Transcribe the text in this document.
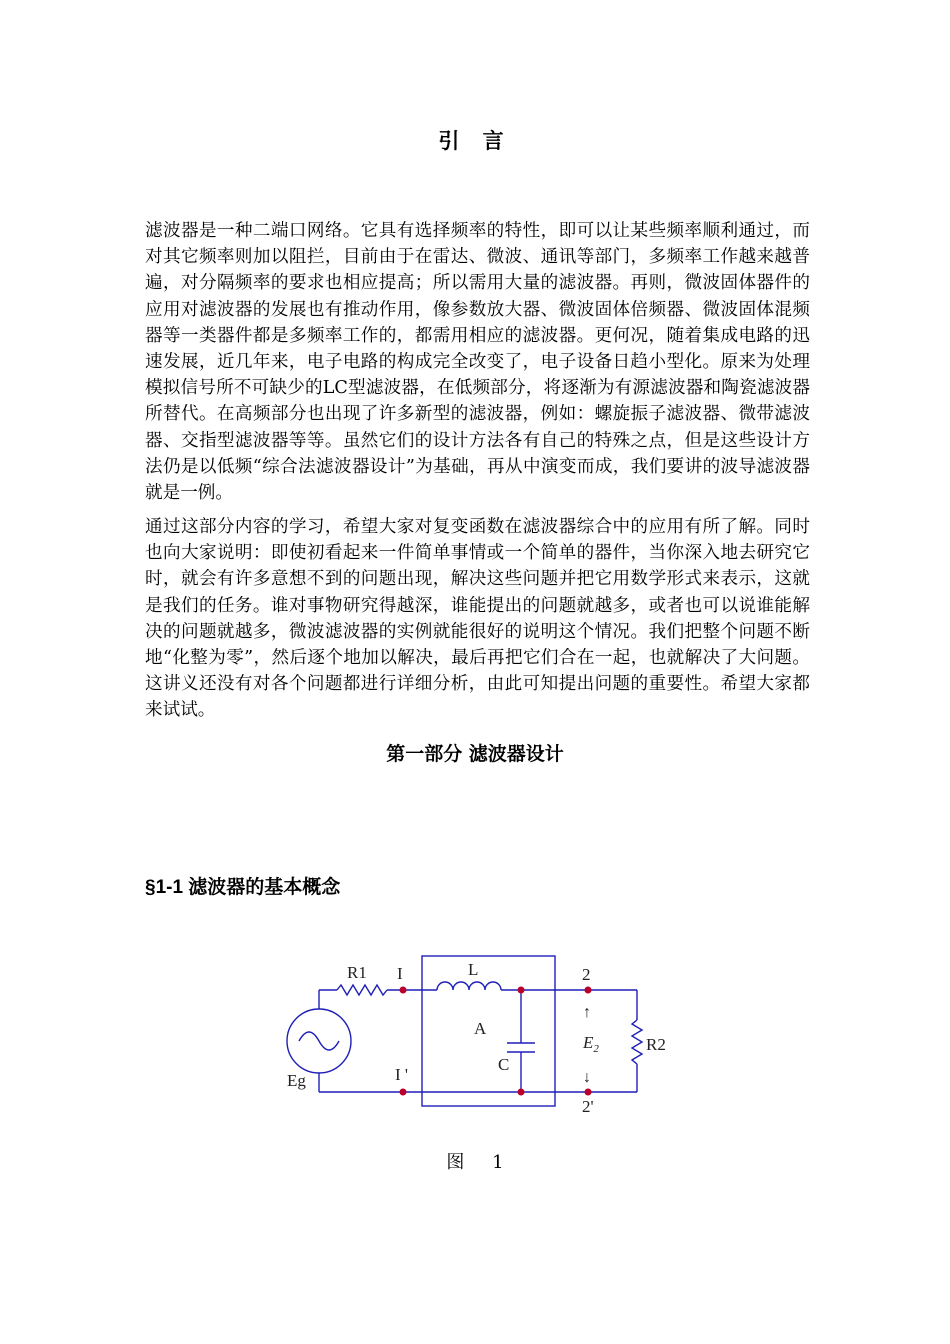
引 言

滤波器是一种二端口网络。它具有选择频率的特性，即可以让某些频率顺利通过，而对其它频率则加以阻拦，目前由于在雷达、微波、通讯等部门，多频率工作越来越普遍，对分隔频率的要求也相应提高；所以需用大量的滤波器。再则，微波固体器件的应用对滤波器的发展也有推动作用，像参数放大器、微波固体倍频器、微波固体混频器等一类器件都是多频率工作的，都需用相应的滤波器。更何况，随着集成电路的迅速发展，近几年来，电子电路的构成完全改变了，电子设备日趋小型化。原来为处理模拟信号所不可缺少的LC型滤波器，在低频部分，将逐渐为有源滤波器和陶瓷滤波器所替代。在高频部分也出现了许多新型的滤波器，例如：螺旋振子滤波器、微带滤波器、交指型滤波器等等。虽然它们的设计方法各有自己的特殊之点，但是这些设计方法仍是以低频“综合法滤波器设计”为基础，再从中演变而成，我们要讲的波导滤波器就是一例。

通过这部分内容的学习，希望大家对复变函数在滤波器综合中的应用有所了解。同时也向大家说明：即使初看起来一件简单事情或一个简单的器件，当你深入地去研究它时，就会有许多意想不到的问题出现，解决这些问题并把它用数学形式来表示，这就是我们的任务。谁对事物研究得越深，谁能提出的问题就越多，或者也可以说谁能解决的问题就越多，微波滤波器的实例就能很好的说明这个情况。我们把整个问题不断地“化整为零”，然后逐个地加以解决，最后再把它们合在一起，也就解决了大问题。这讲义还没有对各个问题都进行详细分析，由此可知提出问题的重要性。希望大家都来试试。

第一部分 滤波器设计
§1-1 滤波器的基本概念
R1 I	L	2
A
C
↑
$E_2$
↓
R2
Eg	I '
2'

图 1
